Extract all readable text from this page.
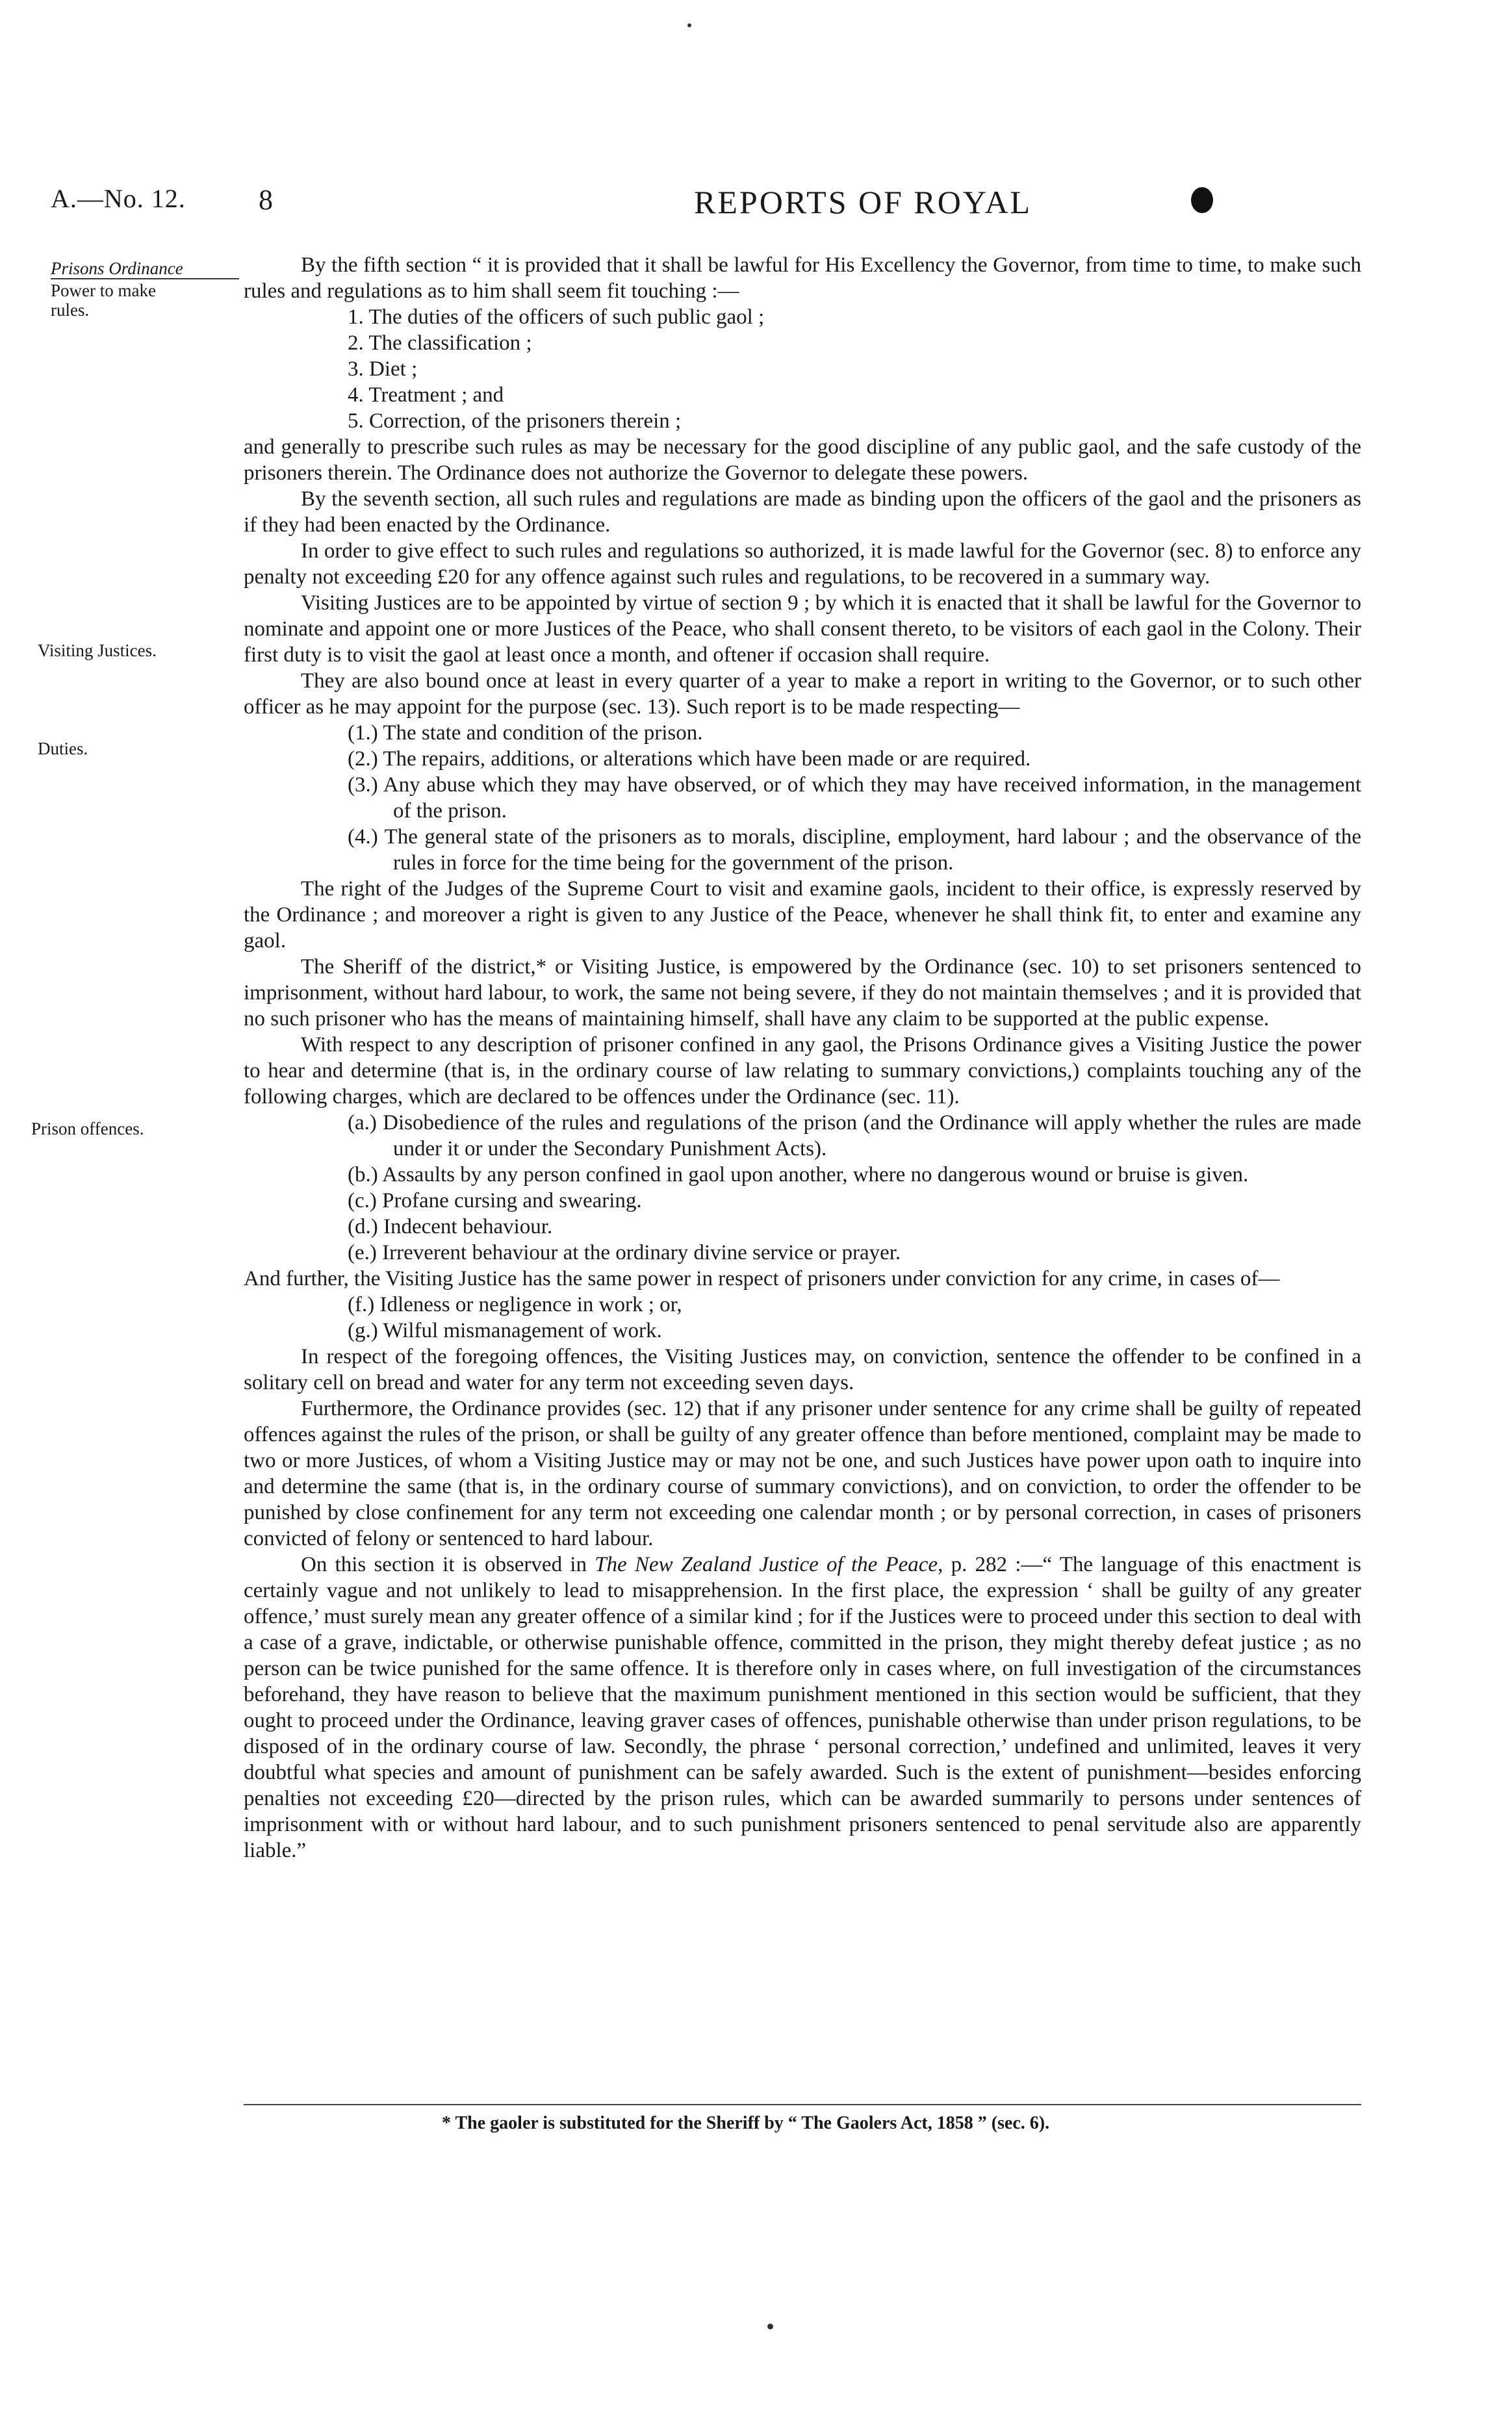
A.—No. 12.	8	REPORTS OF ROYAL
Prisons Ordinance
Power to make rules.
Visiting Justices.
Duties.
Prison offences.

By the fifth section “ it is provided that it shall be lawful for His Excellency the Governor, from time to time, to make such rules and regulations as to him shall seem fit touching :—

1. The duties of the officers of such public gaol ;
2. The classification ;
3. Diet ;
4. Treatment ; and
5. Correction, of the prisoners therein ;

and generally to prescribe such rules as may be necessary for the good discipline of any public gaol, and the safe custody of the prisoners therein. The Ordinance does not authorize the Governor to delegate these powers.

By the seventh section, all such rules and regulations are made as binding upon the officers of the gaol and the prisoners as if they had been enacted by the Ordinance.

In order to give effect to such rules and regulations so authorized, it is made lawful for the Governor (sec. 8) to enforce any penalty not exceeding £20 for any offence against such rules and regulations, to be recovered in a summary way.

Visiting Justices are to be appointed by virtue of section 9 ; by which it is enacted that it shall be lawful for the Governor to nominate and appoint one or more Justices of the Peace, who shall consent thereto, to be visitors of each gaol in the Colony. Their first duty is to visit the gaol at least once a month, and oftener if occasion shall require.

They are also bound once at least in every quarter of a year to make a report in writing to the Governor, or to such other officer as he may appoint for the purpose (sec. 13). Such report is to be made respecting—

(1.) The state and condition of the prison.
(2.) The repairs, additions, or alterations which have been made or are required.
(3.) Any abuse which they may have observed, or of which they may have received information, in the management of the prison.
(4.) The general state of the prisoners as to morals, discipline, employment, hard labour ; and the observance of the rules in force for the time being for the government of the prison.

The right of the Judges of the Supreme Court to visit and examine gaols, incident to their office, is expressly reserved by the Ordinance ; and moreover a right is given to any Justice of the Peace, whenever he shall think fit, to enter and examine any gaol.

The Sheriff of the district,* or Visiting Justice, is empowered by the Ordinance (sec. 10) to set prisoners sentenced to imprisonment, without hard labour, to work, the same not being severe, if they do not maintain themselves ; and it is provided that no such prisoner who has the means of maintaining himself, shall have any claim to be supported at the public expense.

With respect to any description of prisoner confined in any gaol, the Prisons Ordinance gives a Visiting Justice the power to hear and determine (that is, in the ordinary course of law relating to summary convictions,) complaints touching any of the following charges, which are declared to be offences under the Ordinance (sec. 11).

(a.) Disobedience of the rules and regulations of the prison (and the Ordinance will apply whether the rules are made under it or under the Secondary Punishment Acts).
(b.) Assaults by any person confined in gaol upon another, where no dangerous wound or bruise is given.
(c.) Profane cursing and swearing.
(d.) Indecent behaviour.
(e.) Irreverent behaviour at the ordinary divine service or prayer.

And further, the Visiting Justice has the same power in respect of prisoners under conviction for any crime, in cases of—

(f.) Idleness or negligence in work ; or,
(g.) Wilful mismanagement of work.

In respect of the foregoing offences, the Visiting Justices may, on conviction, sentence the offender to be confined in a solitary cell on bread and water for any term not exceeding seven days.

Furthermore, the Ordinance provides (sec. 12) that if any prisoner under sentence for any crime shall be guilty of repeated offences against the rules of the prison, or shall be guilty of any greater offence than before mentioned, complaint may be made to two or more Justices, of whom a Visiting Justice may or may not be one, and such Justices have power upon oath to inquire into and determine the same (that is, in the ordinary course of summary convictions), and on conviction, to order the offender to be punished by close confinement for any term not exceeding one calendar month ; or by personal correction, in cases of prisoners convicted of felony or sentenced to hard labour.

On this section it is observed in The New Zealand Justice of the Peace, p. 282 :—“ The language of this enactment is certainly vague and not unlikely to lead to misapprehension. In the first place, the expression ‘ shall be guilty of any greater offence,’ must surely mean any greater offence of a similar kind ; for if the Justices were to proceed under this section to deal with a case of a grave, indictable, or otherwise punishable offence, committed in the prison, they might thereby defeat justice ; as no person can be twice punished for the same offence. It is therefore only in cases where, on full investigation of the circumstances beforehand, they have reason to believe that the maximum punishment mentioned in this section would be sufficient, that they ought to proceed under the Ordinance, leaving graver cases of offences, punishable otherwise than under prison regulations, to be disposed of in the ordinary course of law. Secondly, the phrase ‘ personal correction,’ undefined and unlimited, leaves it very doubtful what species and amount of punishment can be safely awarded. Such is the extent of punishment—besides enforcing penalties not exceeding £20—directed by the prison rules, which can be awarded summarily to persons under sentences of imprisonment with or without hard labour, and to such punishment prisoners sentenced to penal servitude also are apparently liable.”

* The gaoler is substituted for the Sheriff by “ The Gaolers Act, 1858 ” (sec. 6).
